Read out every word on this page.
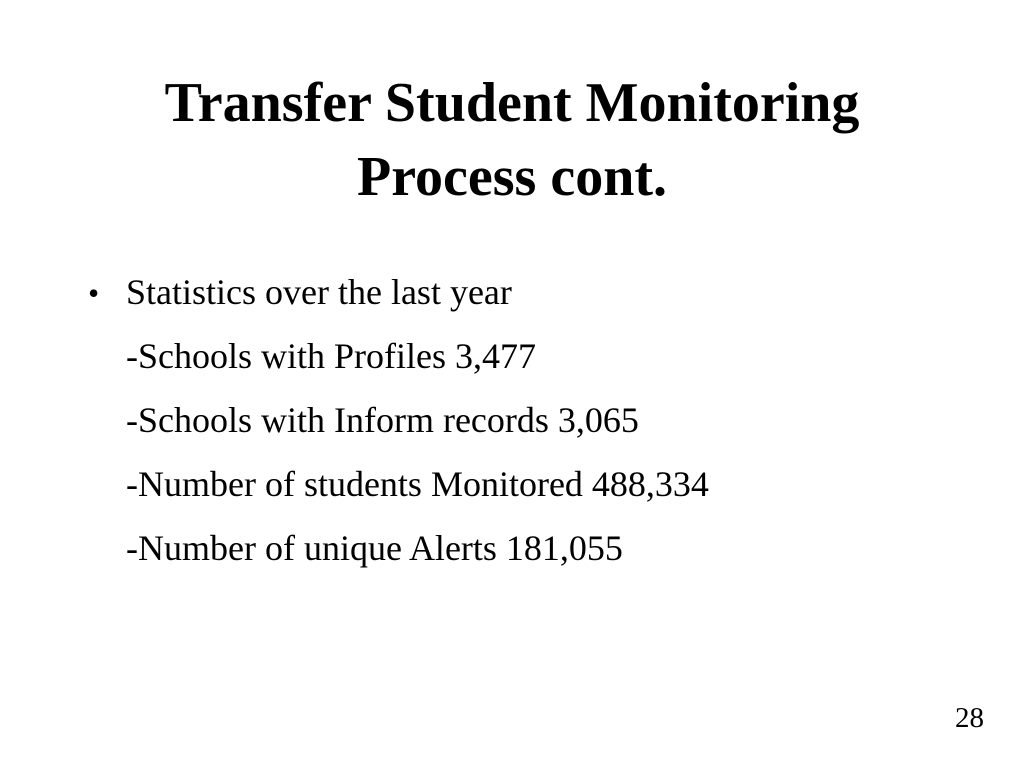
Transfer Student Monitoring
Process cont.
• Statistics over the last year
-Schools with Profiles 3,477
-Schools with Inform records 3,065
-Number of students Monitored 488,334
-Number of unique Alerts 181,055
28
